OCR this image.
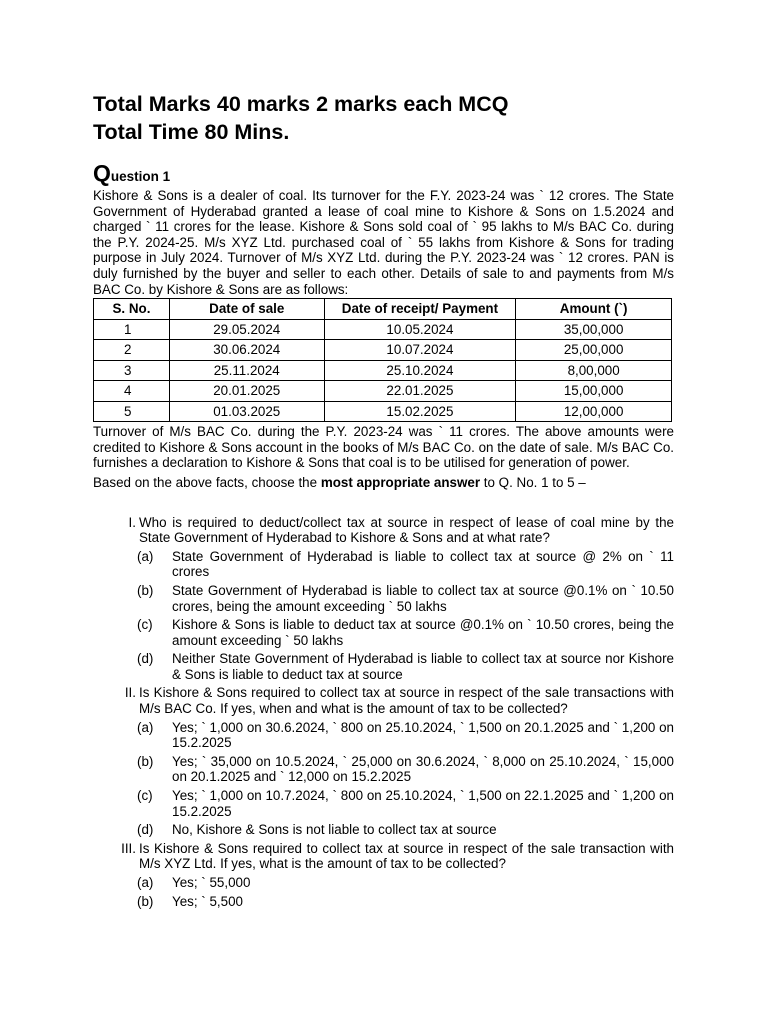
Total Marks 40 marks 2 marks each MCQ

Total Time 80 Mins.

Question 1

Kishore & Sons is a dealer of coal. Its turnover for the F.Y. 2023-24 was ` 12 crores. The State Government of Hyderabad granted a lease of coal mine to Kishore & Sons on 1.5.2024 and charged ` 11 crores for the lease. Kishore & Sons sold coal of ` 95 lakhs to M/s BAC Co. during the P.Y. 2024-25. M/s XYZ Ltd. purchased coal of ` 55 lakhs from Kishore & Sons for trading purpose in July 2024. Turnover of M/s XYZ Ltd. during the P.Y. 2023-24 was ` 12 crores. PAN is duly furnished by the buyer and seller to each other. Details of sale to and payments from M/s BAC Co. by Kishore & Sons are as follows:

S. No.	Date of sale	Date of receipt/ Payment	Amount (`)
1	29.05.2024	10.05.2024	35,00,000
2	30.06.2024	10.07.2024	25,00,000
3	25.11.2024	25.10.2024	8,00,000
4	20.01.2025	22.01.2025	15,00,000
5	01.03.2025	15.02.2025	12,00,000

Turnover of M/s BAC Co. during the P.Y. 2023-24 was ` 11 crores. The above amounts were credited to Kishore & Sons account in the books of M/s BAC Co. on the date of sale. M/s BAC Co. furnishes a declaration to Kishore & Sons that coal is to be utilised for generation of power.

Based on the above facts, choose the most appropriate answer to Q. No. 1 to 5 –

I. Who is required to deduct/collect tax at source in respect of lease of coal mine by the State Government of Hyderabad to Kishore & Sons and at what rate?
(a) State Government of Hyderabad is liable to collect tax at source @ 2% on ` 11 crores
(b) State Government of Hyderabad is liable to collect tax at source @0.1% on ` 10.50 crores, being the amount exceeding ` 50 lakhs
(c) Kishore & Sons is liable to deduct tax at source @0.1% on ` 10.50 crores, being the amount exceeding ` 50 lakhs
(d) Neither State Government of Hyderabad is liable to collect tax at source nor Kishore & Sons is liable to deduct tax at source
II. Is Kishore & Sons required to collect tax at source in respect of the sale transactions with M/s BAC Co. If yes, when and what is the amount of tax to be collected?
(a) Yes; ` 1,000 on 30.6.2024, ` 800 on 25.10.2024, ` 1,500 on 20.1.2025 and ` 1,200 on 15.2.2025
(b) Yes; ` 35,000 on 10.5.2024, ` 25,000 on 30.6.2024, ` 8,000 on 25.10.2024, ` 15,000 on 20.1.2025 and ` 12,000 on 15.2.2025
(c) Yes; ` 1,000 on 10.7.2024, ` 800 on 25.10.2024, ` 1,500 on 22.1.2025 and ` 1,200 on 15.2.2025
(d) No, Kishore & Sons is not liable to collect tax at source
III. Is Kishore & Sons required to collect tax at source in respect of the sale transaction with M/s XYZ Ltd. If yes, what is the amount of tax to be collected?
(a) Yes; ` 55,000
(b) Yes; ` 5,500
